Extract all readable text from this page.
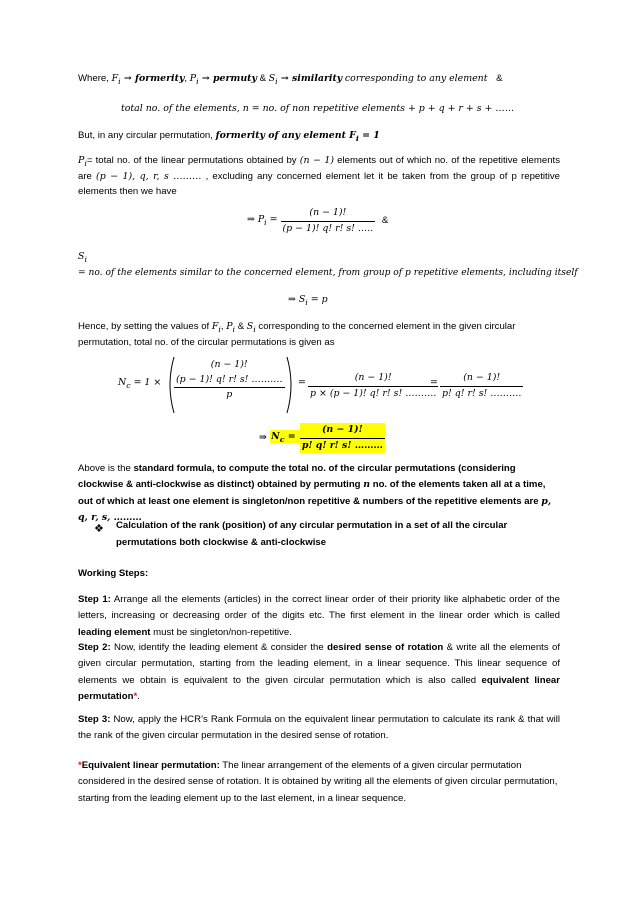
Where, $F_i$ → formerity, $P_i$ → permuty & $S_i$ → similarity corresponding to any element &
total no. of the elements, n = no. of non repetitive elements + p + q + r + s + ……
But, in any circular permutation, formerity of any element $F_i = 1$
$P_i=$ total no. of the linear permutations obtained by (n − 1) elements out of which no. of the repetitive elements are (p − 1), q, r, s ……… , excluding any concerned element let it be taken from the group of p repetitive elements then we have
⇒ $P_i = \frac{(n - 1)!}{(p - 1)! q! r! s! \dots..}$ &
$S_i$
= no. of the elements similar to the concerned element, from group of p repetitive elements, including itself
⇒ $S_i = p$
Hence, by setting the values of $F_i$, $P_i$ & $S_i$ corresponding to the concerned element in the given circular permutation, total no. of the circular permutations is given as
$N_c = 1$ ×
(n − 1)!
(p − 1)! q! r! s! ……….
p
= $\frac{(n - 1)!}{p \times (p - 1)! q! r! s! \dots\dots\dots.}$
= $\frac{(n - 1)!}{p! q! r! s! \dots\dots\dots.}$
⇒ $N_c = \frac{(n - 1)!}{p! q! r! s! \dots\dots\dots}$
Above is the standard formula, to compute the total no. of the circular permutations (considering clockwise & anti-clockwise as distinct) obtained by permuting n no. of the elements taken all at a time, out of which at least one element is singleton/non repetitive & numbers of the repetitive elements are p, q, r, s, ………
❖ Calculation of the rank (position) of any circular permutation in a set of all the circular permutations both clockwise & anti-clockwise
Working Steps:
Step 1: Arrange all the elements (articles) in the correct linear order of their priority like alphabetic order of the letters, increasing or decreasing order of the digits etc. The first element in the linear order which is called leading element must be singleton/non-repetitive.
Step 2: Now, identify the leading element & consider the desired sense of rotation & write all the elements of given circular permutation, starting from the leading element, in a linear sequence. This linear sequence of elements we obtain is equivalent to the given circular permutation which is also called equivalent linear permutation*.
Step 3: Now, apply the HCR’s Rank Formula on the equivalent linear permutation to calculate its rank & that will the rank of the given circular permutation in the desired sense of rotation.
*Equivalent linear permutation: The linear arrangement of the elements of a given circular permutation considered in the desired sense of rotation. It is obtained by writing all the elements of given circular permutation, starting from the leading element up to the last element, in a linear sequence.
